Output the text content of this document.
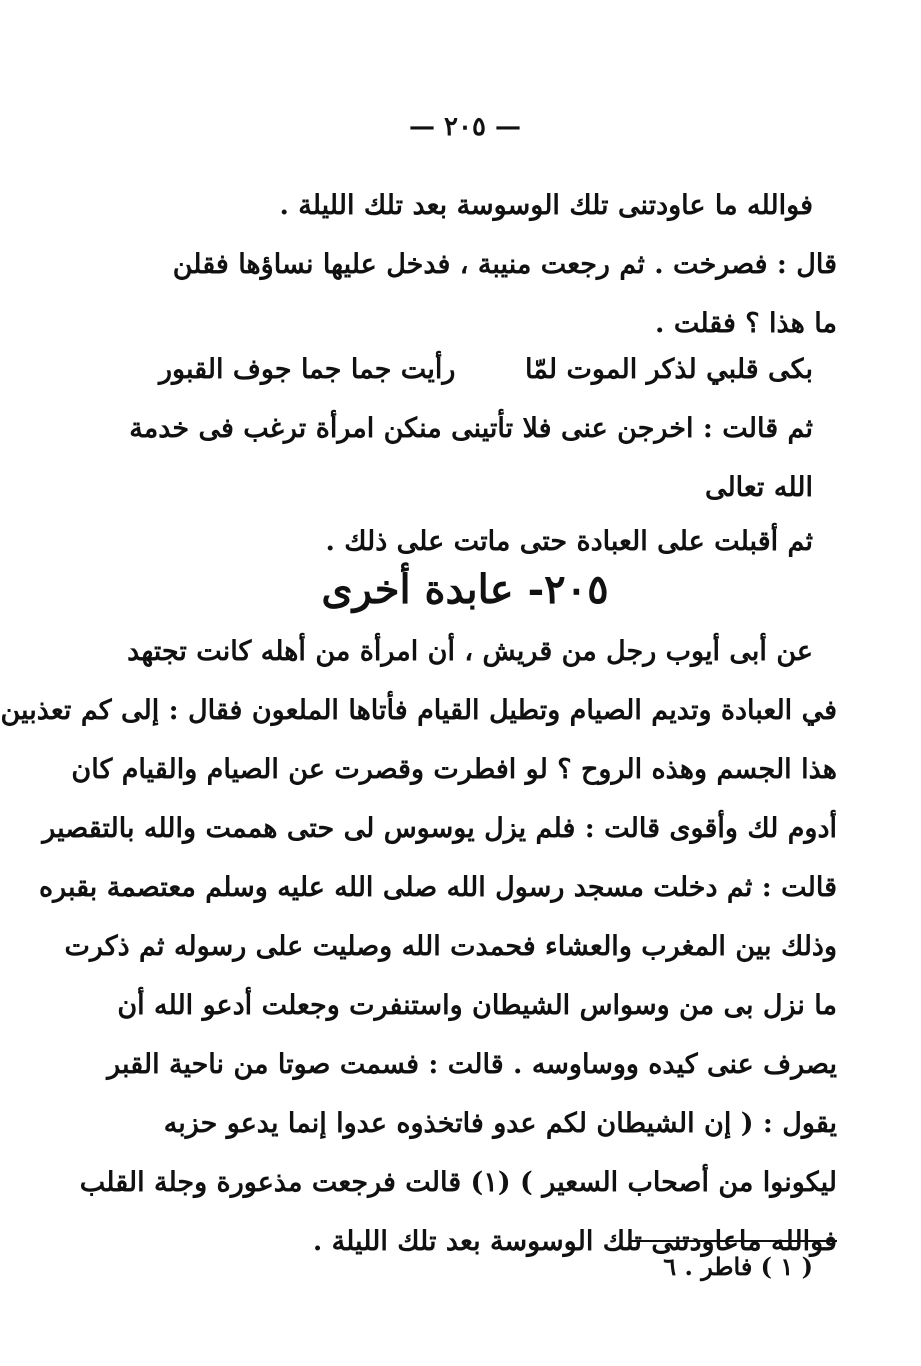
— ٢٠٥ —
فوالله ما عاودتنى تلك الوسوسة بعد تلك الليلة .
قال : فصرخت . ثم رجعت منيبة ، فدخل عليها نساؤها فقلن
ما هذا ؟ فقلت .
بكى قلبي لذكر الموت لمّا
رأيت جما جما جوف القبور
ثم قالت : اخرجن عنى فلا تأتينى منكن امرأة ترغب فى خدمة
الله تعالى
ثم أقبلت على العبادة حتى ماتت على ذلك .
٢٠٥- عابدة أخرى
عن أبى أيوب رجل من قريش ، أن امرأة من أهله كانت تجتهد
في العبادة وتديم الصيام وتطيل القيام فأتاها الملعون فقال : إلى كم تعذبين
هذا الجسم وهذه الروح ؟ لو افطرت وقصرت عن الصيام والقيام كان
أدوم لك وأقوى قالت : فلم يزل يوسوس لى حتى هممت والله بالتقصير
قالت : ثم دخلت مسجد رسول الله صلى الله عليه وسلم معتصمة بقبره
وذلك بين المغرب والعشاء فحمدت الله وصليت على رسوله ثم ذكرت
ما نزل بى من وسواس الشيطان واستنفرت وجعلت أدعو الله أن
يصرف عنى كيده ووساوسه . قالت : فسمت صوتا من ناحية القبر
يقول : ( إن الشيطان لكم عدو فاتخذوه عدوا إنما يدعو حزبه
ليكونوا من أصحاب السعير ) (١) قالت فرجعت مذعورة وجلة القلب
فوالله ماعاودتنى تلك الوسوسة بعد تلك الليلة .
( ١ ) فاطر . ٦
